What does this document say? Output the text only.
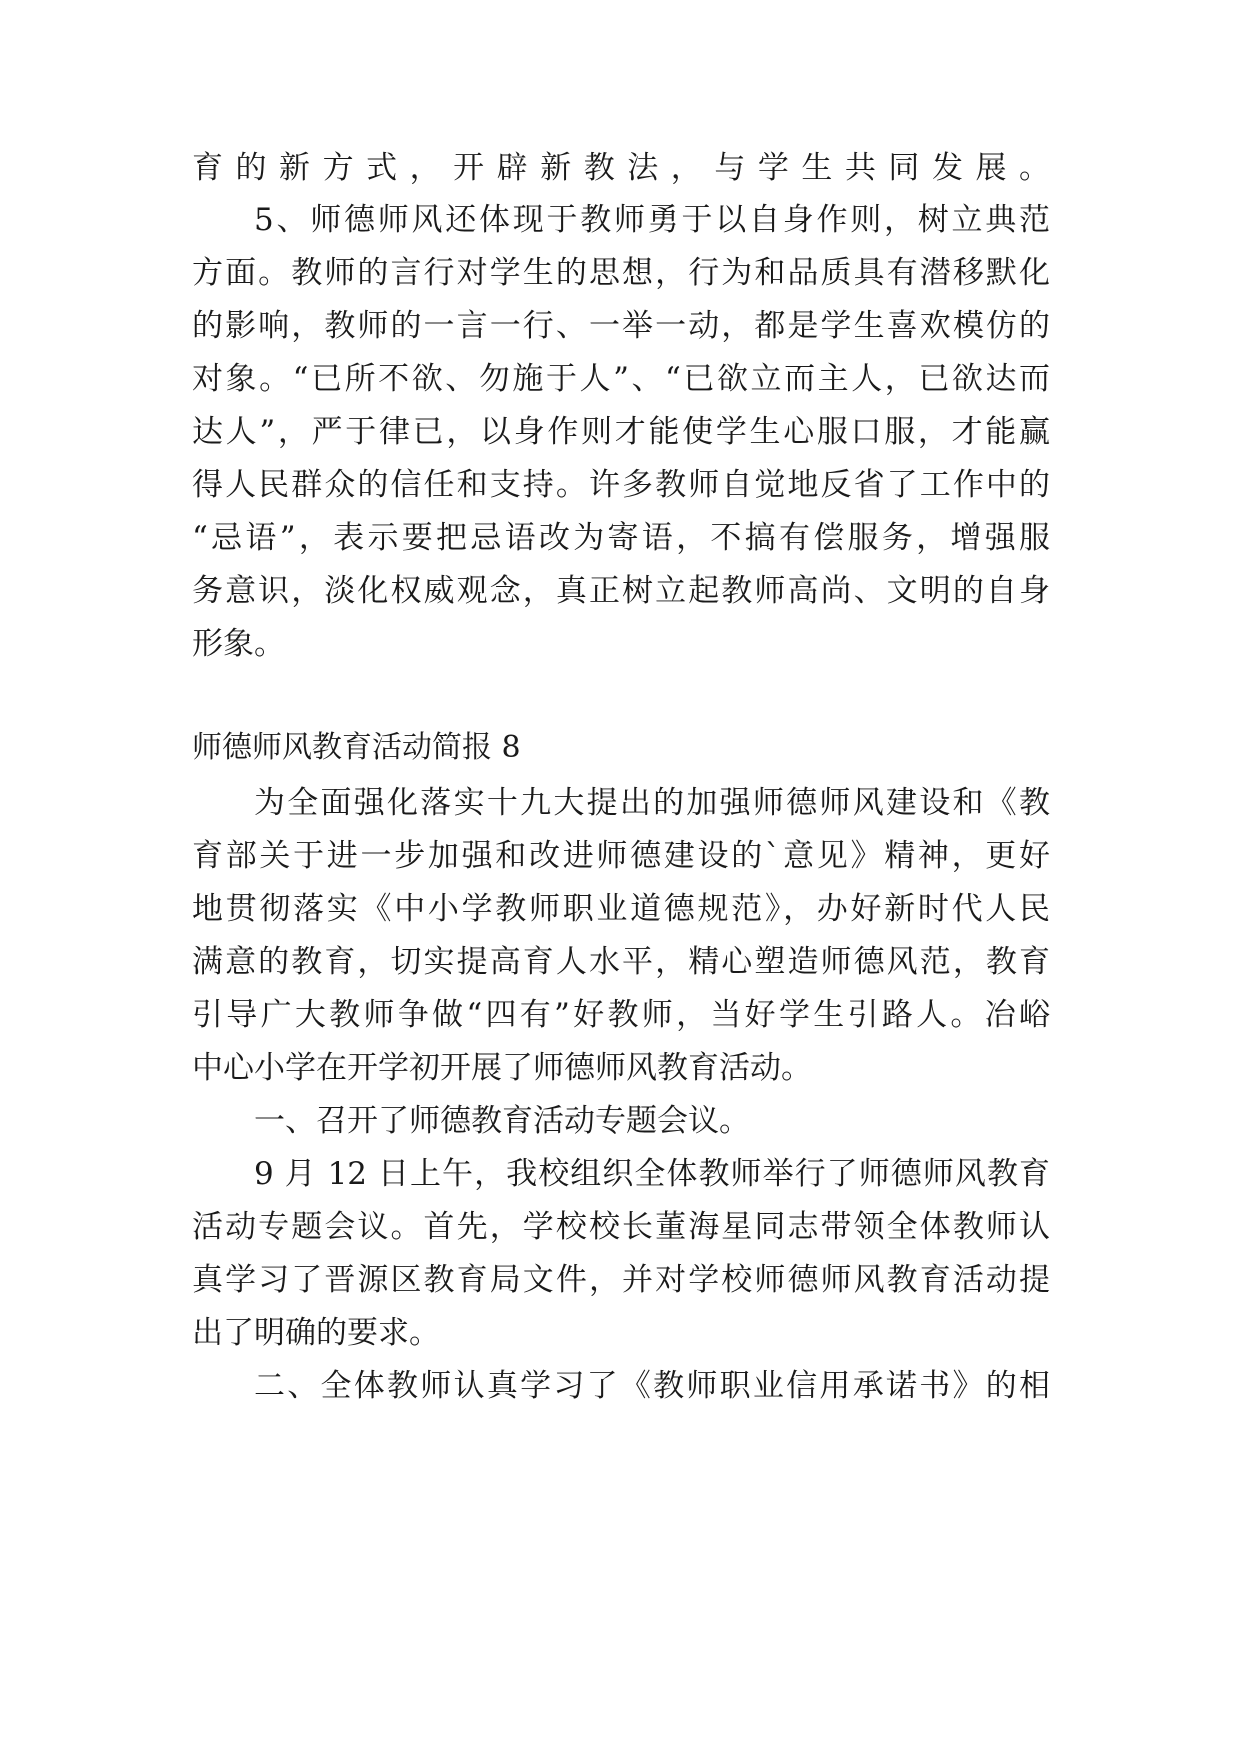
育的新方式，开辟新教法，与学生共同发展。
5、师德师风还体现于教师勇于以自身作则，树立典范
方面。教师的言行对学生的思想，行为和品质具有潜移默化
的影响，教师的一言一行、一举一动，都是学生喜欢模仿的
对象。“已所不欲、勿施于人”、“已欲立而主人，已欲达而
达人”，严于律已，以身作则才能使学生心服口服，才能赢
得人民群众的信任和支持。许多教师自觉地反省了工作中的
“忌语”，表示要把忌语改为寄语，不搞有偿服务，增强服
务意识，淡化权威观念，真正树立起教师高尚、文明的自身
形象。
师德师风教育活动简报 8
为全面强化落实十九大提出的加强师德师风建设和《教
育部关于进一步加强和改进师德建设的`意见》精神，更好
地贯彻落实《中小学教师职业道德规范》，办好新时代人民
满意的教育，切实提高育人水平，精心塑造师德风范，教育
引导广大教师争做“四有”好教师，当好学生引路人。冶峪
中心小学在开学初开展了师德师风教育活动。
一、召开了师德教育活动专题会议。
9 月 12 日上午，我校组织全体教师举行了师德师风教育
活动专题会议。首先，学校校长董海星同志带领全体教师认
真学习了晋源区教育局文件，并对学校师德师风教育活动提
出了明确的要求。
二、全体教师认真学习了《教师职业信用承诺书》的相
